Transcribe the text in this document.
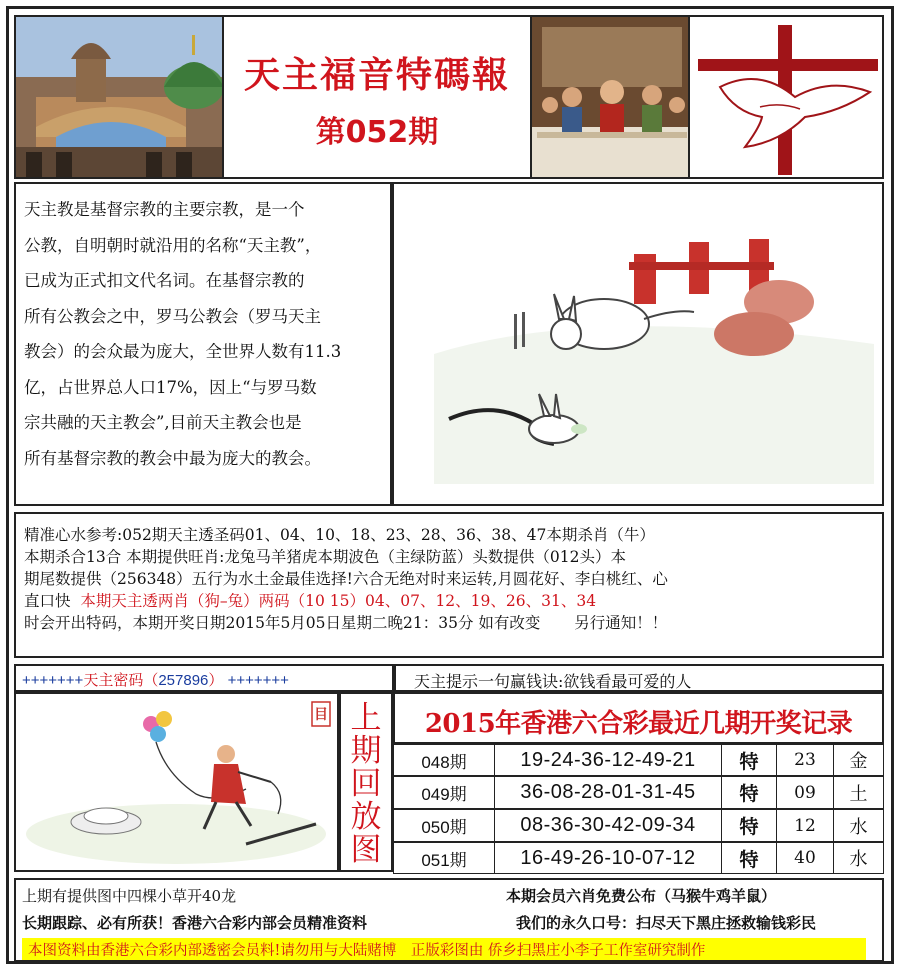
天主福音特碼報
第052期

天主教是基督宗教的主要宗教，是一个

公教，自明朝时就沿用的名称“天主教”，

已成为正式扣文代名词。在基督宗教的

所有公教会之中，罗马公教会（罗马天主

教会）的会众最为庞大，全世界人数有11.3

亿，占世界总人口17%，因上“与罗马数

宗共融的天主教会”,目前天主教会也是

所有基督宗教的教会中最为庞大的教会。

精准心水参考:052期天主透圣码01、04、10、18、23、28、36、38、47本期杀肖（牛）

本期杀合13合 本期提供旺肖:龙兔马羊猪虎本期波色（主绿防蓝）头数提供（012头）本

期尾数提供（256348）五行为水土金最佳选择!六合无绝对时来运转,月圆花好、李白桃红、心

直口快 本期天主透两肖（狗–兔）两码（10 15）04、07、12、19、26、31、34

时会开出特码，本期开奖日期2015年5月05日星期二晚21：35分 如有改变 另行通知！！

+++++++天主密码（257896） +++++++	天主提示一句赢钱诀:欲钱看最可爱的人
目 上
期
回
放
图
2015年香港六合彩最近几期开奖记录
048期	19-24-36-12-49-21	特	23	金
049期	36-08-28-01-31-45	特	09	土
050期	08-36-30-42-09-34	特	12	水
051期	16-49-26-10-07-12	特	40	水
上期有提供图中四棵小草开40龙	本期会员六肖免费公布（马猴牛鸡羊鼠）
长期跟踪、必有所获！香港六合彩内部会员精准资料	我们的永久口号：扫尽天下黑庄拯救输钱彩民
本图资料由香港六合彩内部透密会员料!请勿用与大陆赌博　正版彩图由 侨乡扫黑庄小李子工作室研究制作
